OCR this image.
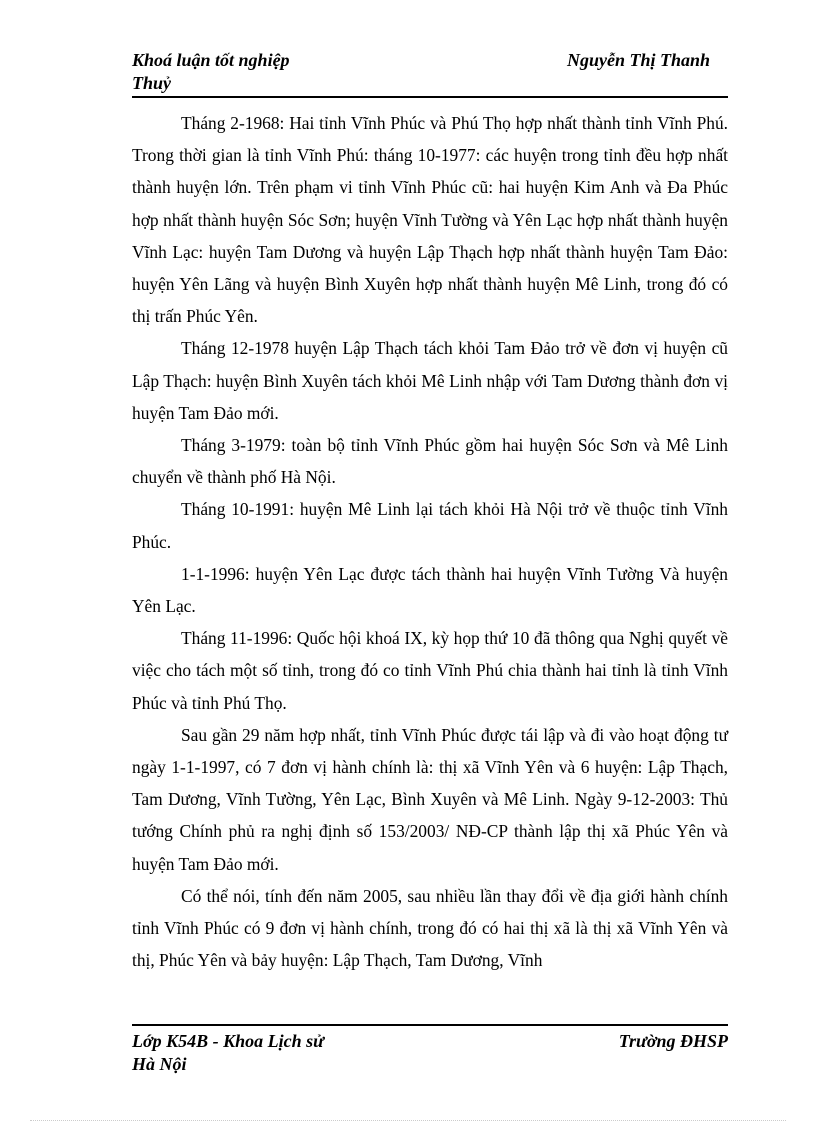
Khoá luận tốt nghiệp
Thuỷ
Nguyễn Thị Thanh

Tháng 2-1968: Hai tỉnh Vĩnh Phúc và Phú Thọ hợp nhất thành tỉnh Vĩnh Phú. Trong thời gian là tỉnh Vĩnh Phú: tháng 10-1977: các huyện trong tỉnh đều hợp nhất thành huyện lớn. Trên phạm vi tỉnh Vĩnh Phúc cũ: hai huyện Kim Anh và Đa Phúc hợp nhất thành huyện Sóc Sơn; huyện Vĩnh Tường và Yên Lạc hợp nhất thành huyện Vĩnh Lạc: huyện Tam Dương và huyện Lập Thạch hợp nhất thành huyện Tam Đảo: huyện Yên Lãng và huyện Bình Xuyên hợp nhất thành huyện Mê Linh, trong đó có thị trấn Phúc Yên.

Tháng 12-1978 huyện Lập Thạch tách khỏi Tam Đảo trở về đơn vị huyện cũ Lập Thạch: huyện Bình Xuyên tách khỏi Mê Linh nhập với Tam Dương thành đơn vị huyện Tam Đảo mới.

Tháng 3-1979: toàn bộ tỉnh Vĩnh Phúc gồm hai huyện Sóc Sơn và Mê Linh chuyển về thành phố Hà Nội.

Tháng 10-1991: huyện Mê Linh lại tách khỏi Hà Nội trở về thuộc tỉnh Vĩnh Phúc.

1-1-1996: huyện Yên Lạc được tách thành hai huyện Vĩnh Tường Và huyện Yên Lạc.

Tháng 11-1996: Quốc hội khoá IX, kỳ họp thứ 10 đã thông qua Nghị quyết về việc cho tách một số tỉnh, trong đó co tỉnh Vĩnh Phú chia thành hai tỉnh là tỉnh Vĩnh Phúc và tỉnh Phú Thọ.

Sau gần 29 năm hợp nhất, tỉnh Vĩnh Phúc được tái lập và đi vào hoạt động tư ngày 1-1-1997, có 7 đơn vị hành chính là: thị xã Vĩnh Yên và 6 huyện: Lập Thạch, Tam Dương, Vĩnh Tường, Yên Lạc, Bình Xuyên và Mê Linh. Ngày 9-12-2003: Thủ tướng Chính phủ ra nghị định số 153/2003/ NĐ-CP thành lập thị xã Phúc Yên và huyện Tam Đảo mới.

Có thể nói, tính đến năm 2005, sau nhiều lần thay đổi về địa giới hành chính tỉnh Vĩnh Phúc có 9 đơn vị hành chính, trong đó có hai thị xã là thị xã Vĩnh Yên và thị, Phúc Yên và bảy huyện: Lập Thạch, Tam Dương, Vĩnh

Lớp K54B - Khoa Lịch sử
Hà Nội
Trường ĐHSP
